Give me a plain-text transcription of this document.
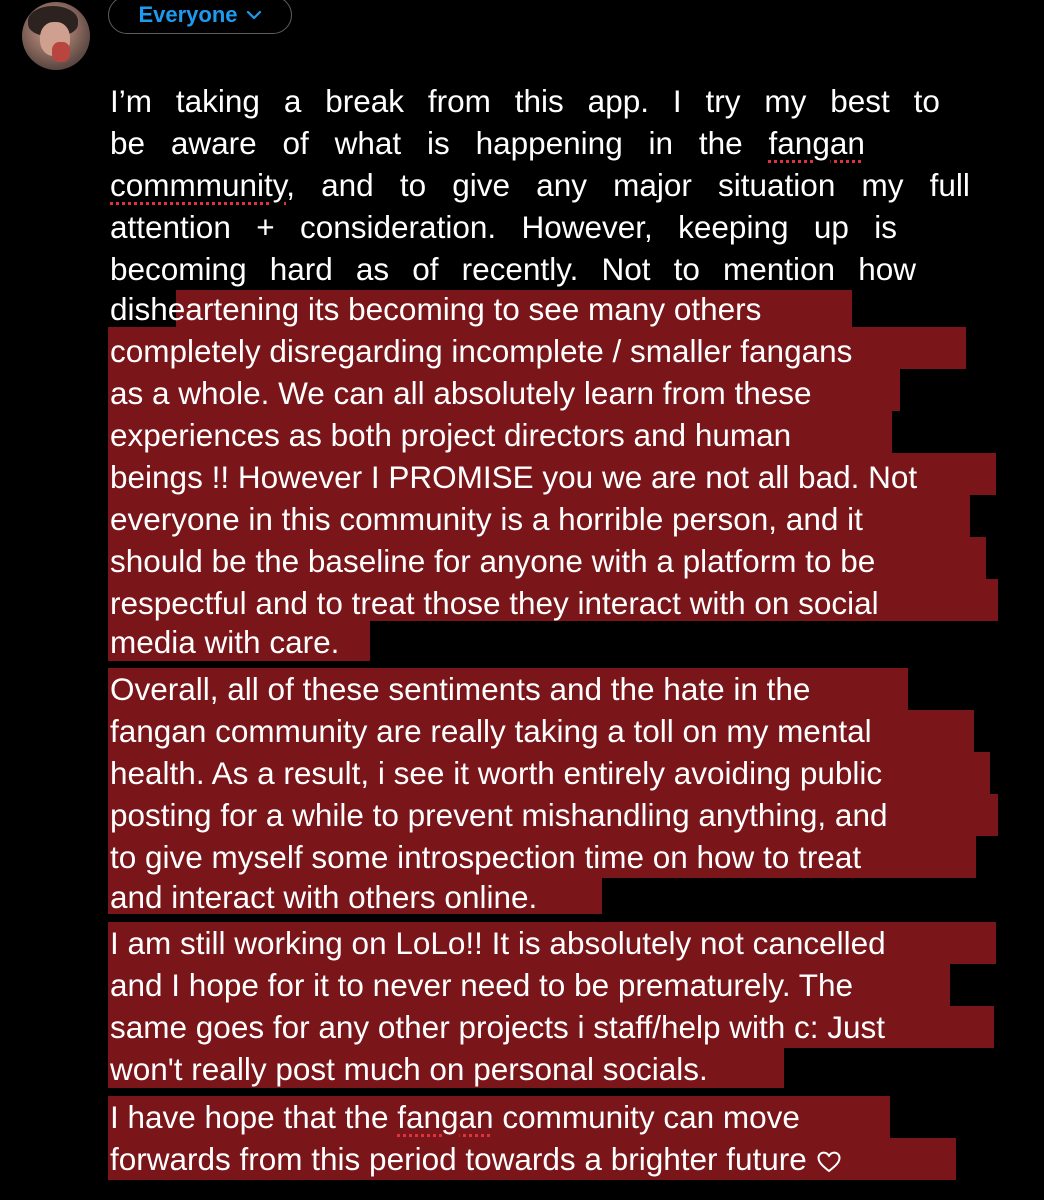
Everyone
I’m taking a break from this app. I try my best to
be aware of what is happening in the fangan
commmunity, and to give any major situation my full
attention + consideration. However, keeping up is
becoming hard as of recently. Not to mention how
disheartening its becoming to see many others
completely disregarding incomplete / smaller fangans
as a whole. We can all absolutely learn from these
experiences as both project directors and human
beings !! However I PROMISE you we are not all bad. Not
everyone in this community is a horrible person, and it
should be the baseline for anyone with a platform to be
respectful and to treat those they interact with on social
media with care.
Overall, all of these sentiments and the hate in the
fangan community are really taking a toll on my mental
health. As a result, i see it worth entirely avoiding public
posting for a while to prevent mishandling anything, and
to give myself some introspection time on how to treat
and interact with others online.
I am still working on LoLo!! It is absolutely not cancelled
and I hope for it to never need to be prematurely. The
same goes for any other projects i staff/help with c: Just
won't really post much on personal socials.
I have hope that the fangan community can move
forwards from this period towards a brighter future
